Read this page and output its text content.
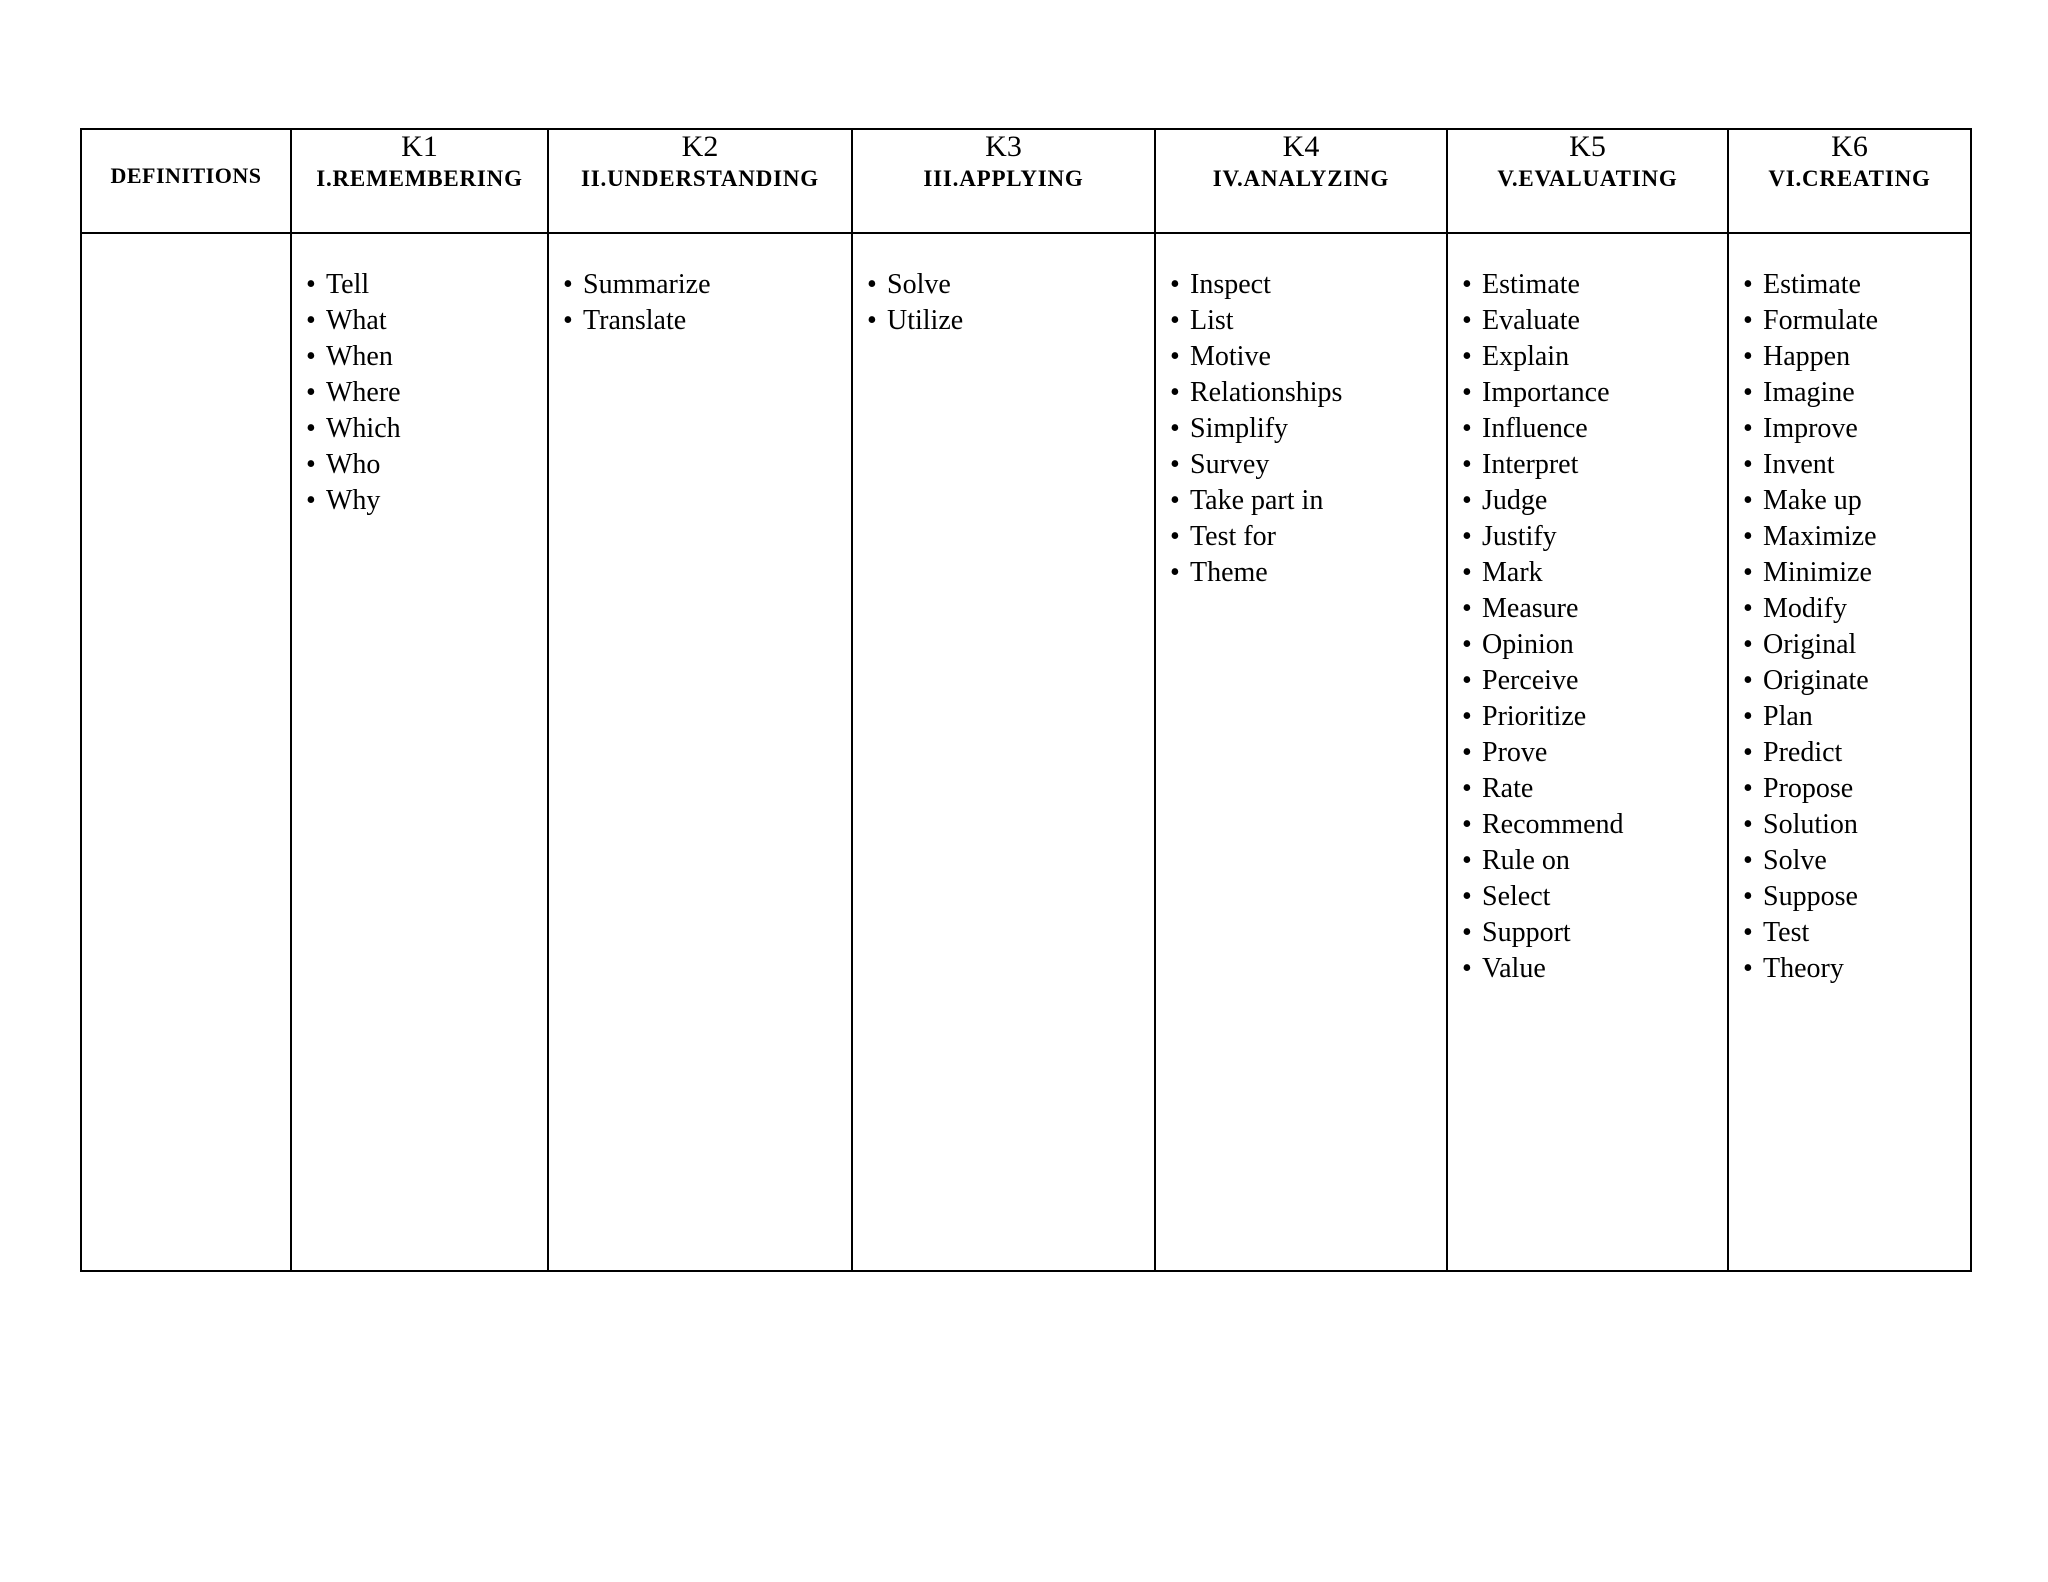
DEFINITIONS
K1
I.REMEMBERING
K2
II.UNDERSTANDING
K3
III.APPLYING
K4
IV.ANALYZING
K5
V.EVALUATING
K6
VI.CREATING
• Tell
• What
• When
• Where
• Which
• Who
• Why
• Summarize
• Translate
• Solve
• Utilize
• Inspect
• List
• Motive
• Relationships
• Simplify
• Survey
• Take part in
• Test for
• Theme
• Estimate
• Evaluate
• Explain
• Importance
• Influence
• Interpret
• Judge
• Justify
• Mark
• Measure
• Opinion
• Perceive
• Prioritize
• Prove
• Rate
• Recommend
• Rule on
• Select
• Support
• Value
• Estimate
• Formulate
• Happen
• Imagine
• Improve
• Invent
• Make up
• Maximize
• Minimize
• Modify
• Original
• Originate
• Plan
• Predict
• Propose
• Solution
• Solve
• Suppose
• Test
• Theory
